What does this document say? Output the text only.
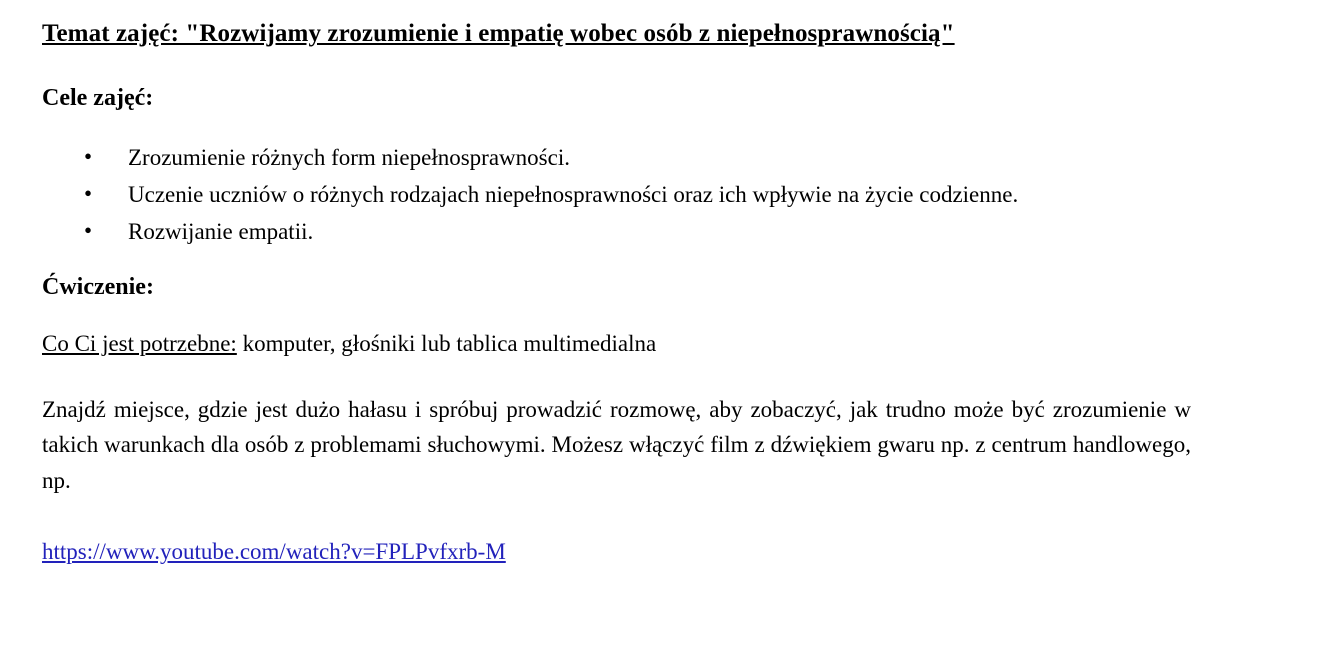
Temat zajęć: "Rozwijamy zrozumienie i empatię wobec osób z niepełnosprawnością"
Cele zajęć:
• Zrozumienie różnych form niepełnosprawności.
• Uczenie uczniów o różnych rodzajach niepełnosprawności oraz ich wpływie na życie codzienne.
• Rozwijanie empatii.
Ćwiczenie:

Co Ci jest potrzebne: komputer, głośniki lub tablica multimedialna

Znajdź miejsce, gdzie jest dużo hałasu i spróbuj prowadzić rozmowę, aby zobaczyć, jak trudno może być zrozumienie w takich warunkach dla osób z problemami słuchowymi. Możesz włączyć film z dźwiękiem gwaru np. z centrum handlowego, np.
https://www.youtube.com/watch?v=FPLPvfxrb-M
